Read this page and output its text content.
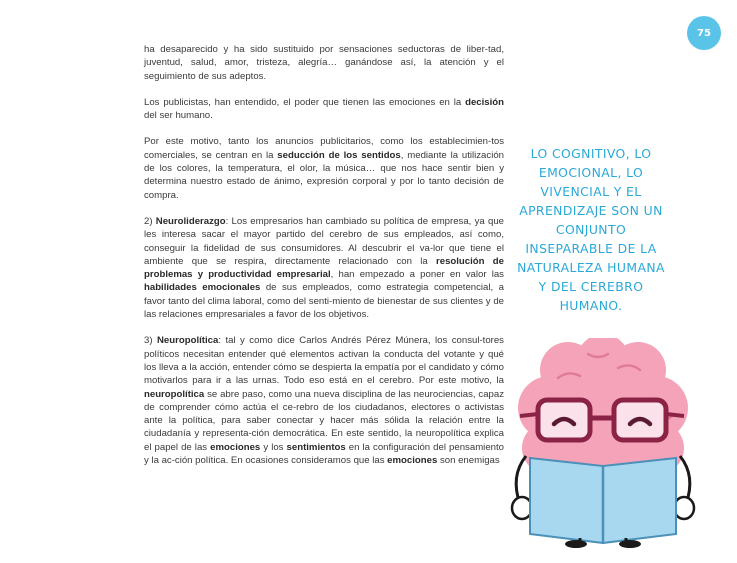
75

ha desaparecido y ha sido sustituido por sensaciones seductoras de liber-tad, juventud, salud, amor, tristeza, alegría… ganándose así, la atención y el seguimiento de sus adeptos.

Los publicistas, han entendido, el poder que tienen las emociones en la decisión del ser humano.

Por este motivo, tanto los anuncios publicitarios, como los establecimien-tos comerciales, se centran en la seducción de los sentidos, mediante la utilización de los colores, la temperatura, el olor, la música… que nos hace sentir bien y determina nuestro estado de ánimo, expresión corporal y por lo tanto decisión de compra.

2) Neuroliderazgo: Los empresarios han cambiado su política de empresa, ya que les interesa sacar el mayor partido del cerebro de sus empleados, así como, conseguir la fidelidad de sus consumidores. Al descubrir el va-lor que tiene el ambiente que se respira, directamente relacionado con la resolución de problemas y productividad empresarial, han empezado a poner en valor las habilidades emocionales de sus empleados, como estrategia competencial, a favor tanto del clima laboral, como del senti-miento de bienestar de sus clientes y de las relaciones empresariales a favor de los objetivos.

3) Neuropolítica: tal y como dice Carlos Andrés Pérez Múnera, los consul-tores políticos necesitan entender qué elementos activan la conducta del votante y qué los lleva a la acción, entender cómo se despierta la empatía por el candidato y cómo motivarlos para ir a las urnas. Todo eso está en el cerebro. Por este motivo, la neuropolítica se abre paso, como una nueva disciplina de las neurociencias, capaz de comprender cómo actúa el ce-rebro de los ciudadanos, electores o activistas ante la política, para saber conectar y hacer más sólida la relación entre la ciudadanía y representa-ción democrática. En este sentido, la neuropolítica explica el papel de las emociones y los sentimientos en la configuración del pensamiento y la ac-ción política. En ocasiones consideramos que las emociones son enemigas

LO COGNITIVO, LO EMOCIONAL, LO VIVENCIAL Y EL APRENDIZAJE SON UN CONJUNTO INSEPARABLE DE LA NATURALEZA HUMANA Y DEL CEREBRO HUMANO.
